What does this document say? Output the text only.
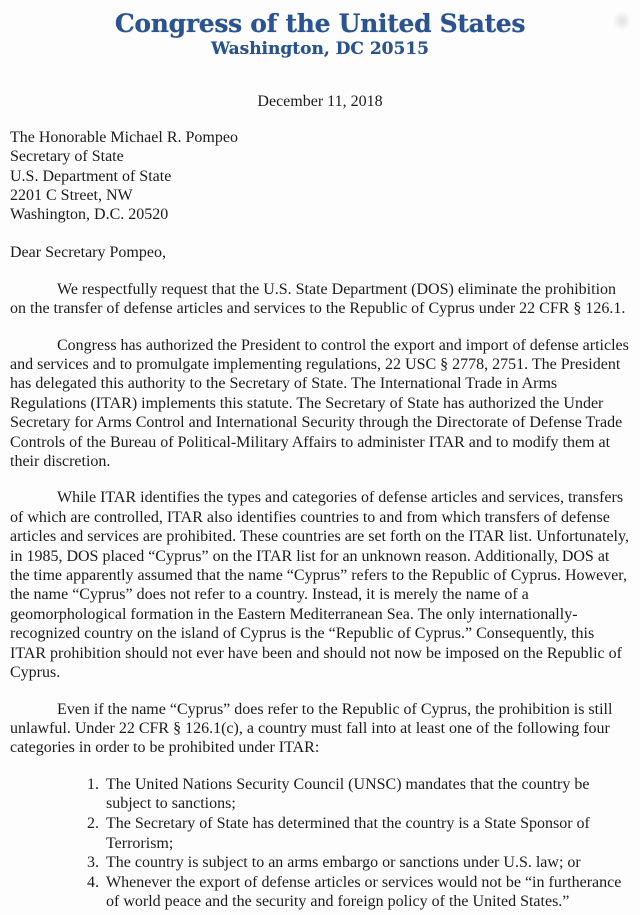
Congress of the United States
Washington, DC 20515
December 11, 2018
The Honorable Michael R. Pompeo
Secretary of State
U.S. Department of State
2201 C Street, NW
Washington, D.C. 20520
Dear Secretary Pompeo,

We respectfully request that the U.S. State Department (DOS) eliminate the prohibition on the transfer of defense articles and services to the Republic of Cyprus under 22 CFR § 126.1.

Congress has authorized the President to control the export and import of defense articles and services and to promulgate implementing regulations, 22 USC § 2778, 2751. The President has delegated this authority to the Secretary of State. The International Trade in Arms Regulations (ITAR) implements this statute. The Secretary of State has authorized the Under Secretary for Arms Control and International Security through the Directorate of Defense Trade Controls of the Bureau of Political-Military Affairs to administer ITAR and to modify them at their discretion.

While ITAR identifies the types and categories of defense articles and services, transfers of which are controlled, ITAR also identifies countries to and from which transfers of defense articles and services are prohibited. These countries are set forth on the ITAR list. Unfortunately, in 1985, DOS placed “Cyprus” on the ITAR list for an unknown reason. Additionally, DOS at the time apparently assumed that the name “Cyprus” refers to the Republic of Cyprus. However, the name “Cyprus” does not refer to a country. Instead, it is merely the name of a geomorphological formation in the Eastern Mediterranean Sea. The only internationally-recognized country on the island of Cyprus is the “Republic of Cyprus.” Consequently, this ITAR prohibition should not ever have been and should not now be imposed on the Republic of Cyprus.

Even if the name “Cyprus” does refer to the Republic of Cyprus, the prohibition is still unlawful. Under 22 CFR § 126.1(c), a country must fall into at least one of the following four categories in order to be prohibited under ITAR:

1. The United Nations Security Council (UNSC) mandates that the country be subject to sanctions;
2. The Secretary of State has determined that the country is a State Sponsor of Terrorism;
3. The country is subject to an arms embargo or sanctions under U.S. law; or
4. Whenever the export of defense articles or services would not be “in furtherance of world peace and the security and foreign policy of the United States.”
